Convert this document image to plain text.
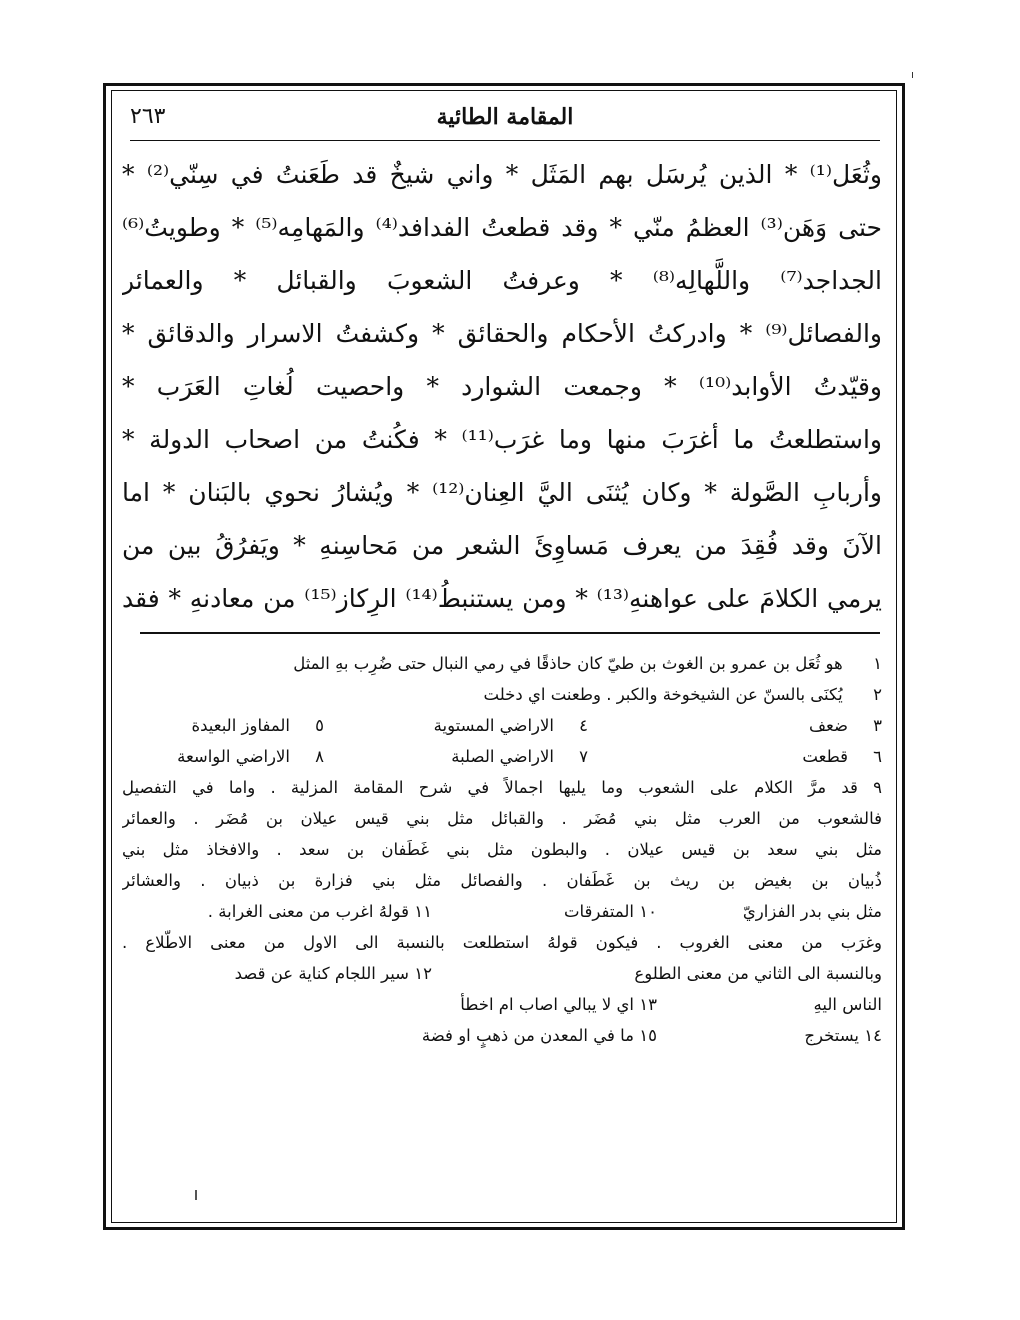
المقامة الطائية
٢٦٣
وثُعَل⁽¹⁾ * الذين يُرسَل بهم المَثَل * واني شيخٌ قد طَعَنتُ في سِنّي⁽²⁾ *
حتى وَهَن⁽³⁾ العظمُ منّي * وقد قطعتُ الفدافد⁽⁴⁾ والمَهامِه⁽⁵⁾ * وطويتُ⁽⁶⁾
الجداجد⁽⁷⁾ واللَّهالِه⁽⁸⁾ * وعرفتُ الشعوبَ والقبائل * والعمائر
والفصائل⁽⁹⁾ * وادركتُ الأحكام والحقائق * وكشفتُ الاسرار والدقائق *
وقيّدتُ الأوابد⁽¹⁰⁾ * وجمعت الشوارد * واحصيت لُغاتِ العَرَب *
واستطلعتُ ما أغرَبَ منها وما غرَب⁽¹¹⁾ * فكُنتُ من اصحاب الدولة *
وأربابِ الصَّولة * وكان يُثنَى اليَّ العِنان⁽¹²⁾ * ويُشارُ نحوي بالبَنان * اما
الآنَ وقد فُقِدَ من يعرف مَساوِئَ الشعر من مَحاسِنهِ * ويَفرُقُ بين من
يرمي الكلامَ على عواهنهِ⁽¹³⁾ * ومن يستنبطُ⁽¹⁴⁾ الرِكاز⁽¹⁵⁾ من معادنهِ * فقد
١ هو ثُعَل بن عمرو بن الغوث بن طيّ كان حاذقًا في رمي النبال حتى ضُرِب بهِ المثل
٢ يُكنَى بالسنّ عن الشيخوخة والكبر . وطعنت اي دخلت
٣
ضعف
٤
الاراضي المستوية
٥
المفاوز البعيدة
٦
قطعت
٧
الاراضي الصلبة
٨
الاراضي الواسعة
٩ قد مرَّ الكلام على الشعوب وما يليها اجمالاً في شرح المقامة المزلية . واما في التفصيل
فالشعوب من العرب مثل بني مُضَر . والقبائل مثل بني قيس عيلان بن مُضَر . والعمائر
مثل بني سعد بن قيس عيلان . والبطون مثل بني غَطَفان بن سعد . والافخاذ مثل بني
ذُبيان بن بغيض بن ريث بن غَطَفان . والفصائل مثل بني فزارة بن ذبيان . والعشائر
مثل بني بدر الفزاريّ
١٠ المتفرقات
١١ قولهُ اغرب من معنى الغرابة .
وغرَب من معنى الغروب . فيكون قولهُ استطلعت بالنسبة الى الاول من معنى الاطّلاع .
وبالنسبة الى الثاني من معنى الطلوع
١٢ سير اللجام كناية عن قصد
الناس اليهِ
١٣ اي لا يبالي اصاب ام اخطأ
١٤ يستخرج
١٥ ما في المعدن من ذهبٍ او فضة
